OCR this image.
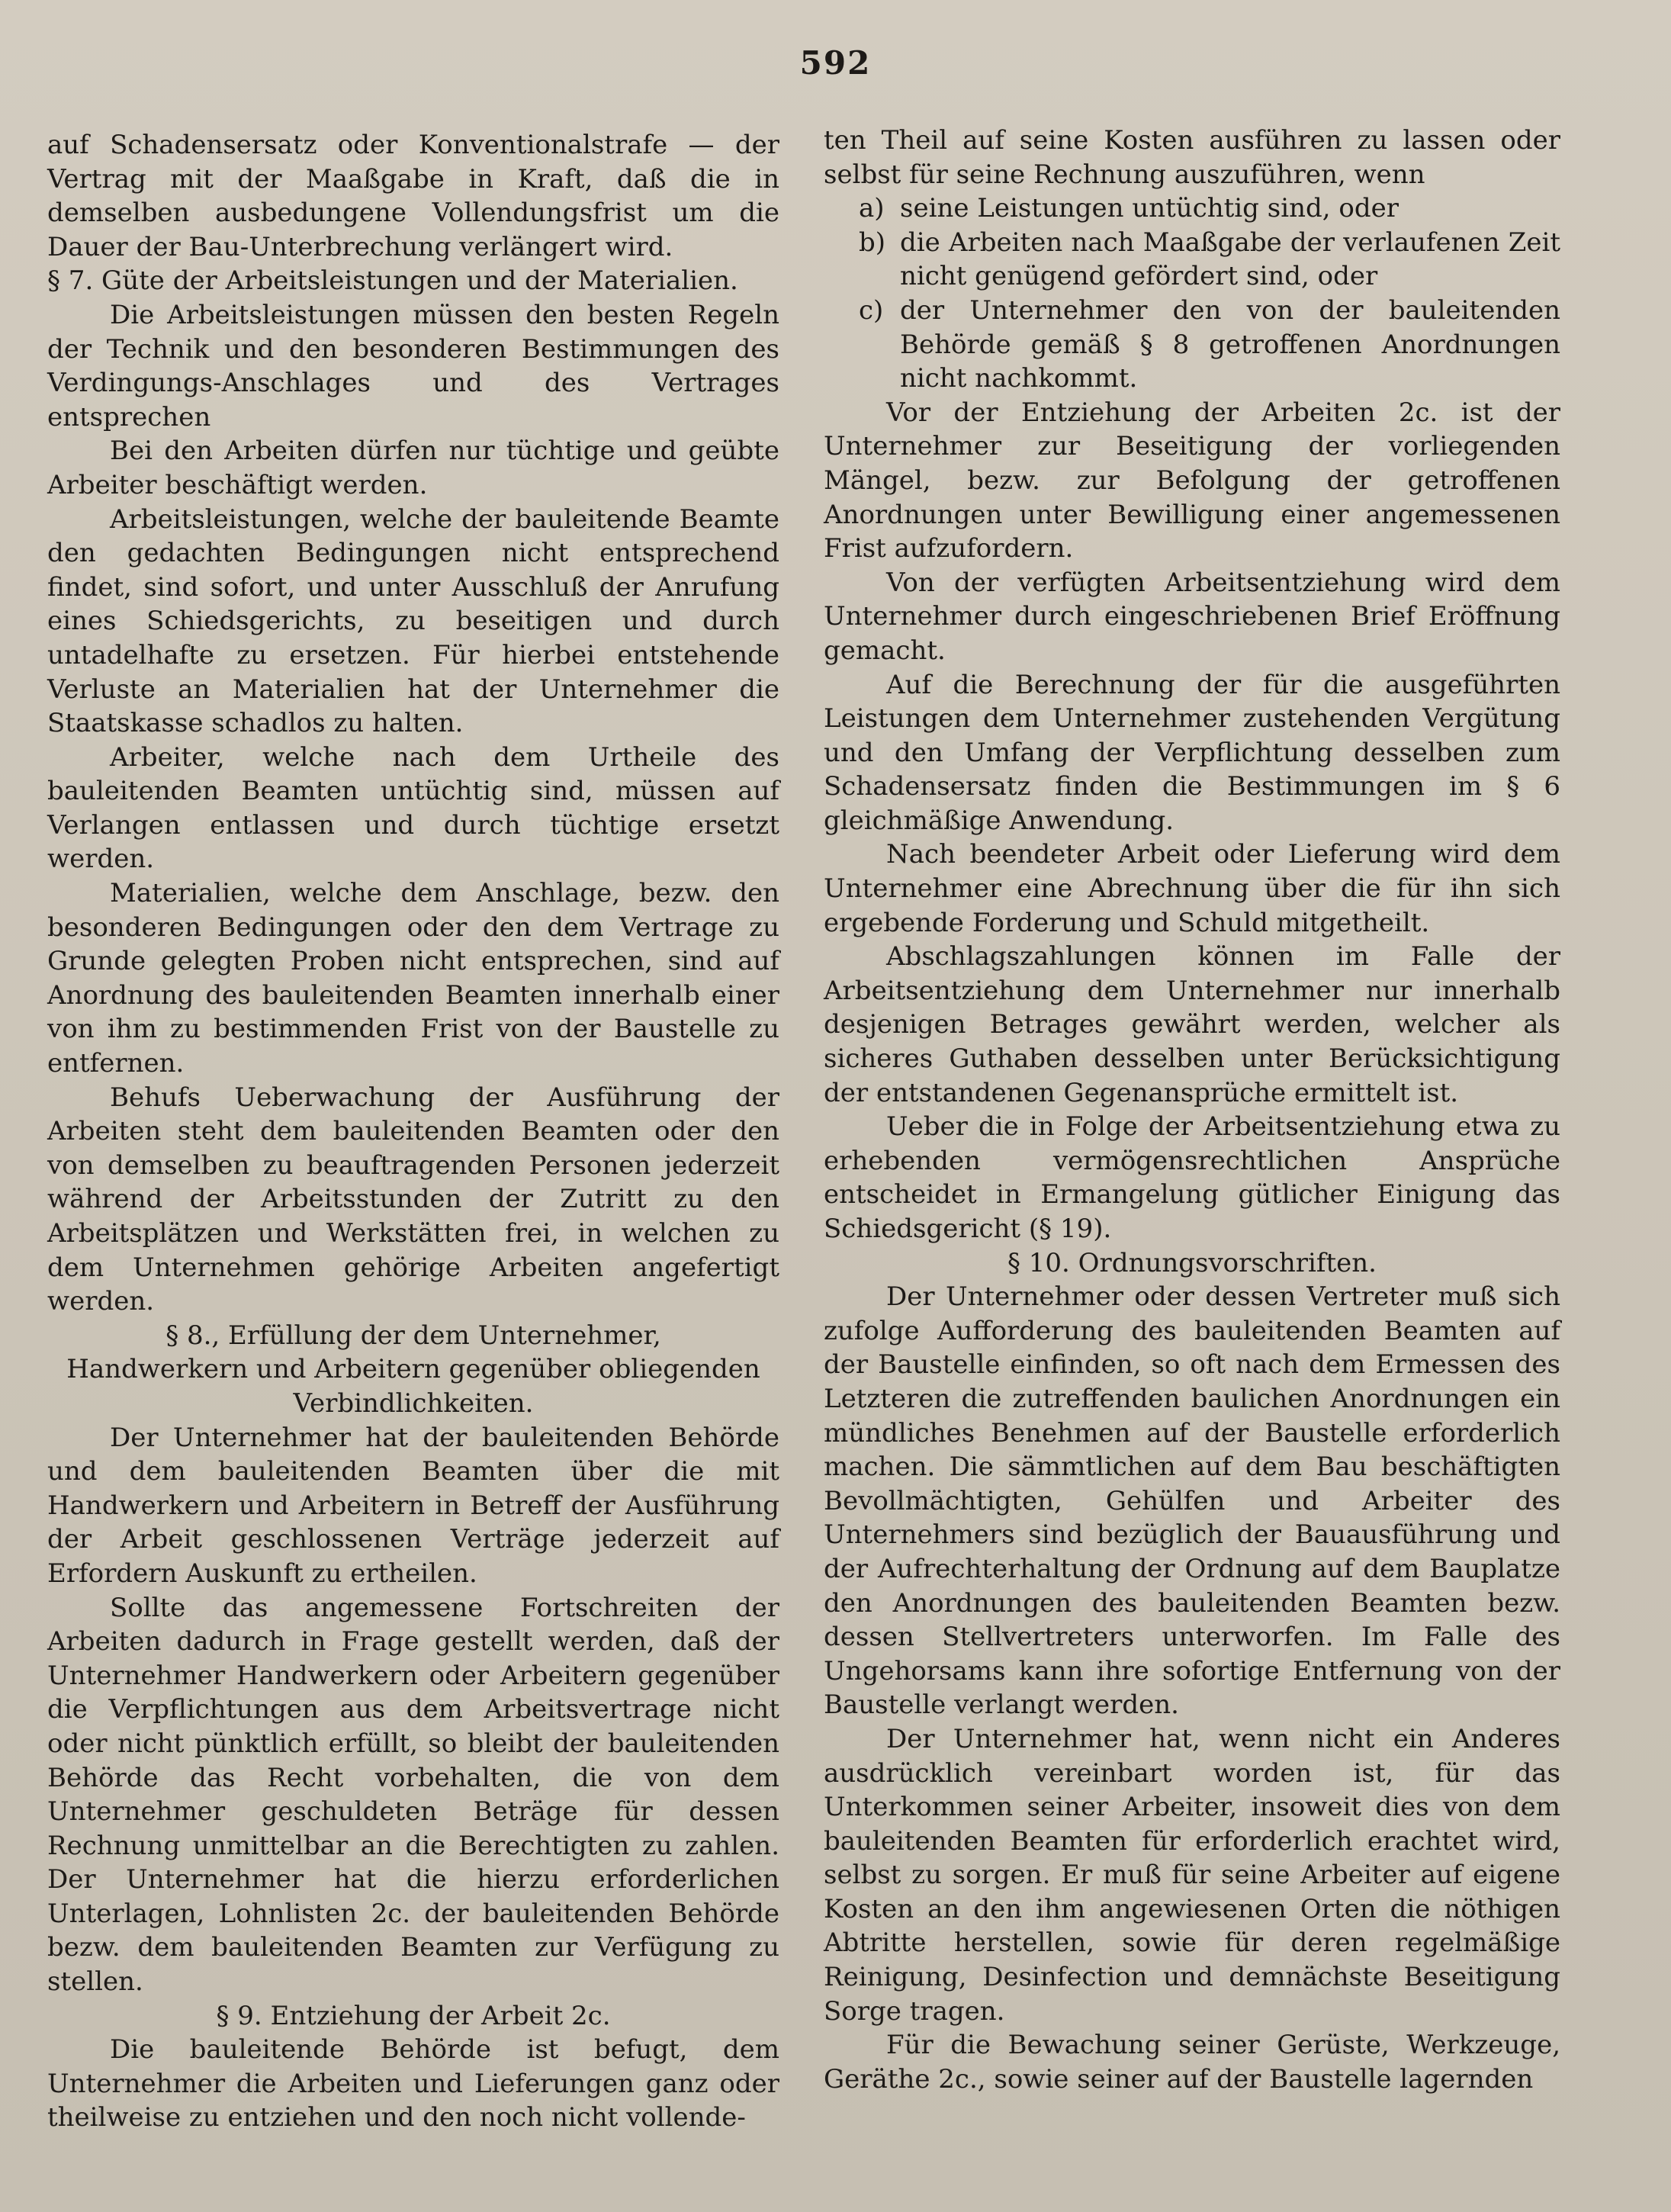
592

auf Schadensersatz oder Konventionalstrafe — der Vertrag mit der Maaßgabe in Kraft, daß die in demselben ausbedungene Vollendungsfrist um die Dauer der Bau-Unterbrechung verlängert wird.

§ 7. Güte der Arbeitsleistungen und der Materialien.

Die Arbeitsleistungen müssen den besten Regeln der Technik und den besonderen Bestimmungen des Verdingungs-Anschlages und des Vertrages entsprechen

Bei den Arbeiten dürfen nur tüchtige und geübte Arbeiter beschäftigt werden.

Arbeitsleistungen, welche der bauleitende Beamte den gedachten Bedingungen nicht entsprechend findet, sind sofort, und unter Ausschluß der Anrufung eines Schiedsgerichts, zu beseitigen und durch untadelhafte zu ersetzen. Für hierbei entstehende Verluste an Materialien hat der Unternehmer die Staatskasse schadlos zu halten.

Arbeiter, welche nach dem Urtheile des bauleitenden Beamten untüchtig sind, müssen auf Verlangen entlassen und durch tüchtige ersetzt werden.

Materialien, welche dem Anschlage, bezw. den besonderen Bedingungen oder den dem Vertrage zu Grunde gelegten Proben nicht entsprechen, sind auf Anordnung des bauleitenden Beamten innerhalb einer von ihm zu bestimmenden Frist von der Baustelle zu entfernen.

Behufs Ueberwachung der Ausführung der Arbeiten steht dem bauleitenden Beamten oder den von demselben zu beauftragenden Personen jederzeit während der Arbeitsstunden der Zutritt zu den Arbeitsplätzen und Werkstätten frei, in welchen zu dem Unternehmen gehörige Arbeiten angefertigt werden.

§ 8., Erfüllung der dem Unternehmer,

Handwerkern und Arbeitern gegenüber obliegenden

Verbindlichkeiten.

Der Unternehmer hat der bauleitenden Behörde und dem bauleitenden Beamten über die mit Handwerkern und Arbeitern in Betreff der Ausführung der Arbeit geschlossenen Verträge jederzeit auf Erfordern Auskunft zu ertheilen.

Sollte das angemessene Fortschreiten der Arbeiten dadurch in Frage gestellt werden, daß der Unternehmer Handwerkern oder Arbeitern gegenüber die Verpflichtungen aus dem Arbeitsvertrage nicht oder nicht pünktlich erfüllt, so bleibt der bauleitenden Behörde das Recht vorbehalten, die von dem Unternehmer geschuldeten Beträge für dessen Rechnung unmittelbar an die Berechtigten zu zahlen. Der Unternehmer hat die hierzu erforderlichen Unterlagen, Lohnlisten 2c. der bauleitenden Behörde bezw. dem bauleitenden Beamten zur Verfügung zu stellen.

§ 9. Entziehung der Arbeit 2c.

Die bauleitende Behörde ist befugt, dem Unternehmer die Arbeiten und Lieferungen ganz oder theilweise zu entziehen und den noch nicht vollende-

ten Theil auf seine Kosten ausführen zu lassen oder selbst für seine Rechnung auszuführen, wenn

a) seine Leistungen untüchtig sind, oder

b) die Arbeiten nach Maaßgabe der verlaufenen Zeit nicht genügend gefördert sind, oder

c) der Unternehmer den von der bauleitenden Behörde gemäß § 8 getroffenen Anordnungen nicht nachkommt.

Vor der Entziehung der Arbeiten 2c. ist der Unternehmer zur Beseitigung der vorliegenden Mängel, bezw. zur Befolgung der getroffenen Anordnungen unter Bewilligung einer angemessenen Frist aufzufordern.

Von der verfügten Arbeitsentziehung wird dem Unternehmer durch eingeschriebenen Brief Eröffnung gemacht.

Auf die Berechnung der für die ausgeführten Leistungen dem Unternehmer zustehenden Vergütung und den Umfang der Verpflichtung desselben zum Schadensersatz finden die Bestimmungen im § 6 gleichmäßige Anwendung.

Nach beendeter Arbeit oder Lieferung wird dem Unternehmer eine Abrechnung über die für ihn sich ergebende Forderung und Schuld mitgetheilt.

Abschlagszahlungen können im Falle der Arbeitsentziehung dem Unternehmer nur innerhalb desjenigen Betrages gewährt werden, welcher als sicheres Guthaben desselben unter Berücksichtigung der entstandenen Gegenansprüche ermittelt ist.

Ueber die in Folge der Arbeitsentziehung etwa zu erhebenden vermögensrechtlichen Ansprüche entscheidet in Ermangelung gütlicher Einigung das Schiedsgericht (§ 19).

§ 10. Ordnungsvorschriften.

Der Unternehmer oder dessen Vertreter muß sich zufolge Aufforderung des bauleitenden Beamten auf der Baustelle einfinden, so oft nach dem Ermessen des Letzteren die zutreffenden baulichen Anordnungen ein mündliches Benehmen auf der Baustelle erforderlich machen. Die sämmtlichen auf dem Bau beschäftigten Bevollmächtigten, Gehülfen und Arbeiter des Unternehmers sind bezüglich der Bauausführung und der Aufrechterhaltung der Ordnung auf dem Bauplatze den Anordnungen des bauleitenden Beamten bezw. dessen Stellvertreters unterworfen. Im Falle des Ungehorsams kann ihre sofortige Entfernung von der Baustelle verlangt werden.

Der Unternehmer hat, wenn nicht ein Anderes ausdrücklich vereinbart worden ist, für das Unterkommen seiner Arbeiter, insoweit dies von dem bauleitenden Beamten für erforderlich erachtet wird, selbst zu sorgen. Er muß für seine Arbeiter auf eigene Kosten an den ihm angewiesenen Orten die nöthigen Abtritte herstellen, sowie für deren regelmäßige Reinigung, Desinfection und demnächste Beseitigung Sorge tragen.

Für die Bewachung seiner Gerüste, Werkzeuge, Geräthe 2c., sowie seiner auf der Baustelle lagernden
